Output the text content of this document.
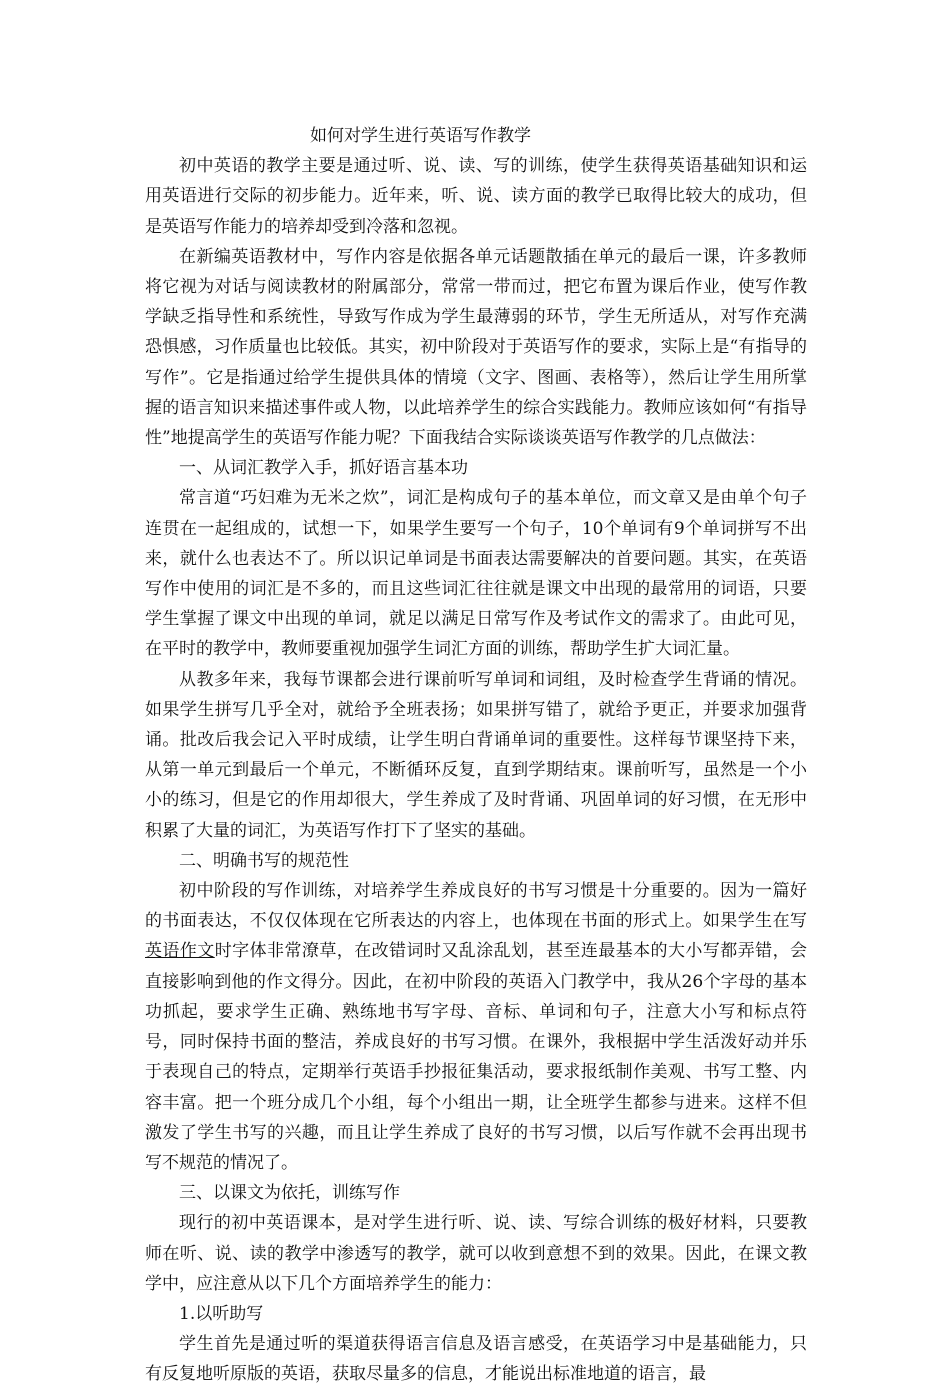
如何对学生进行英语写作教学

初中英语的教学主要是通过听、说、读、写的训练，使学生获得英语基础知识和运用英语进行交际的初步能力。近年来，听、说、读方面的教学已取得比较大的成功，但是英语写作能力的培养却受到冷落和忽视。

在新编英语教材中，写作内容是依据各单元话题散插在单元的最后一课，许多教师将它视为对话与阅读教材的附属部分，常常一带而过，把它布置为课后作业，使写作教学缺乏指导性和系统性，导致写作成为学生最薄弱的环节，学生无所适从，对写作充满恐惧感，习作质量也比较低。其实，初中阶段对于英语写作的要求，实际上是“有指导的写作”。它是指通过给学生提供具体的情境（文字、图画、表格等），然后让学生用所掌握的语言知识来描述事件或人物，以此培养学生的综合实践能力。教师应该如何“有指导性”地提高学生的英语写作能力呢？下面我结合实际谈谈英语写作教学的几点做法：

一、从词汇教学入手，抓好语言基本功

常言道“巧妇难为无米之炊”，词汇是构成句子的基本单位，而文章又是由单个句子连贯在一起组成的，试想一下，如果学生要写一个句子，10个单词有9个单词拼写不出来，就什么也表达不了。所以识记单词是书面表达需要解决的首要问题。其实，在英语写作中使用的词汇是不多的，而且这些词汇往往就是课文中出现的最常用的词语，只要学生掌握了课文中出现的单词，就足以满足日常写作及考试作文的需求了。由此可见，在平时的教学中，教师要重视加强学生词汇方面的训练，帮助学生扩大词汇量。

从教多年来，我每节课都会进行课前听写单词和词组，及时检查学生背诵的情况。如果学生拼写几乎全对，就给予全班表扬；如果拼写错了，就给予更正，并要求加强背诵。批改后我会记入平时成绩，让学生明白背诵单词的重要性。这样每节课坚持下来，从第一单元到最后一个单元，不断循环反复，直到学期结束。课前听写，虽然是一个小小的练习，但是它的作用却很大，学生养成了及时背诵、巩固单词的好习惯，在无形中积累了大量的词汇，为英语写作打下了坚实的基础。

二、明确书写的规范性

初中阶段的写作训练，对培养学生养成良好的书写习惯是十分重要的。因为一篇好的书面表达，不仅仅体现在它所表达的内容上，也体现在书面的形式上。如果学生在写英语作文时字体非常潦草，在改错词时又乱涂乱划，甚至连最基本的大小写都弄错，会直接影响到他的作文得分。因此，在初中阶段的英语入门教学中，我从26个字母的基本功抓起，要求学生正确、熟练地书写字母、音标、单词和句子，注意大小写和标点符号，同时保持书面的整洁，养成良好的书写习惯。在课外，我根据中学生活泼好动并乐于表现自己的特点，定期举行英语手抄报征集活动，要求报纸制作美观、书写工整、内容丰富。把一个班分成几个小组，每个小组出一期，让全班学生都参与进来。这样不但激发了学生书写的兴趣，而且让学生养成了良好的书写习惯，以后写作就不会再出现书写不规范的情况了。

三、以课文为依托，训练写作

现行的初中英语课本，是对学生进行听、说、读、写综合训练的极好材料，只要教师在听、说、读的教学中渗透写的教学，就可以收到意想不到的效果。因此，在课文教学中，应注意从以下几个方面培养学生的能力：

1.以听助写

学生首先是通过听的渠道获得语言信息及语言感受，在英语学习中是基础能力，只有反复地听原版的英语，获取尽量多的信息，才能说出标准地道的语言，最
